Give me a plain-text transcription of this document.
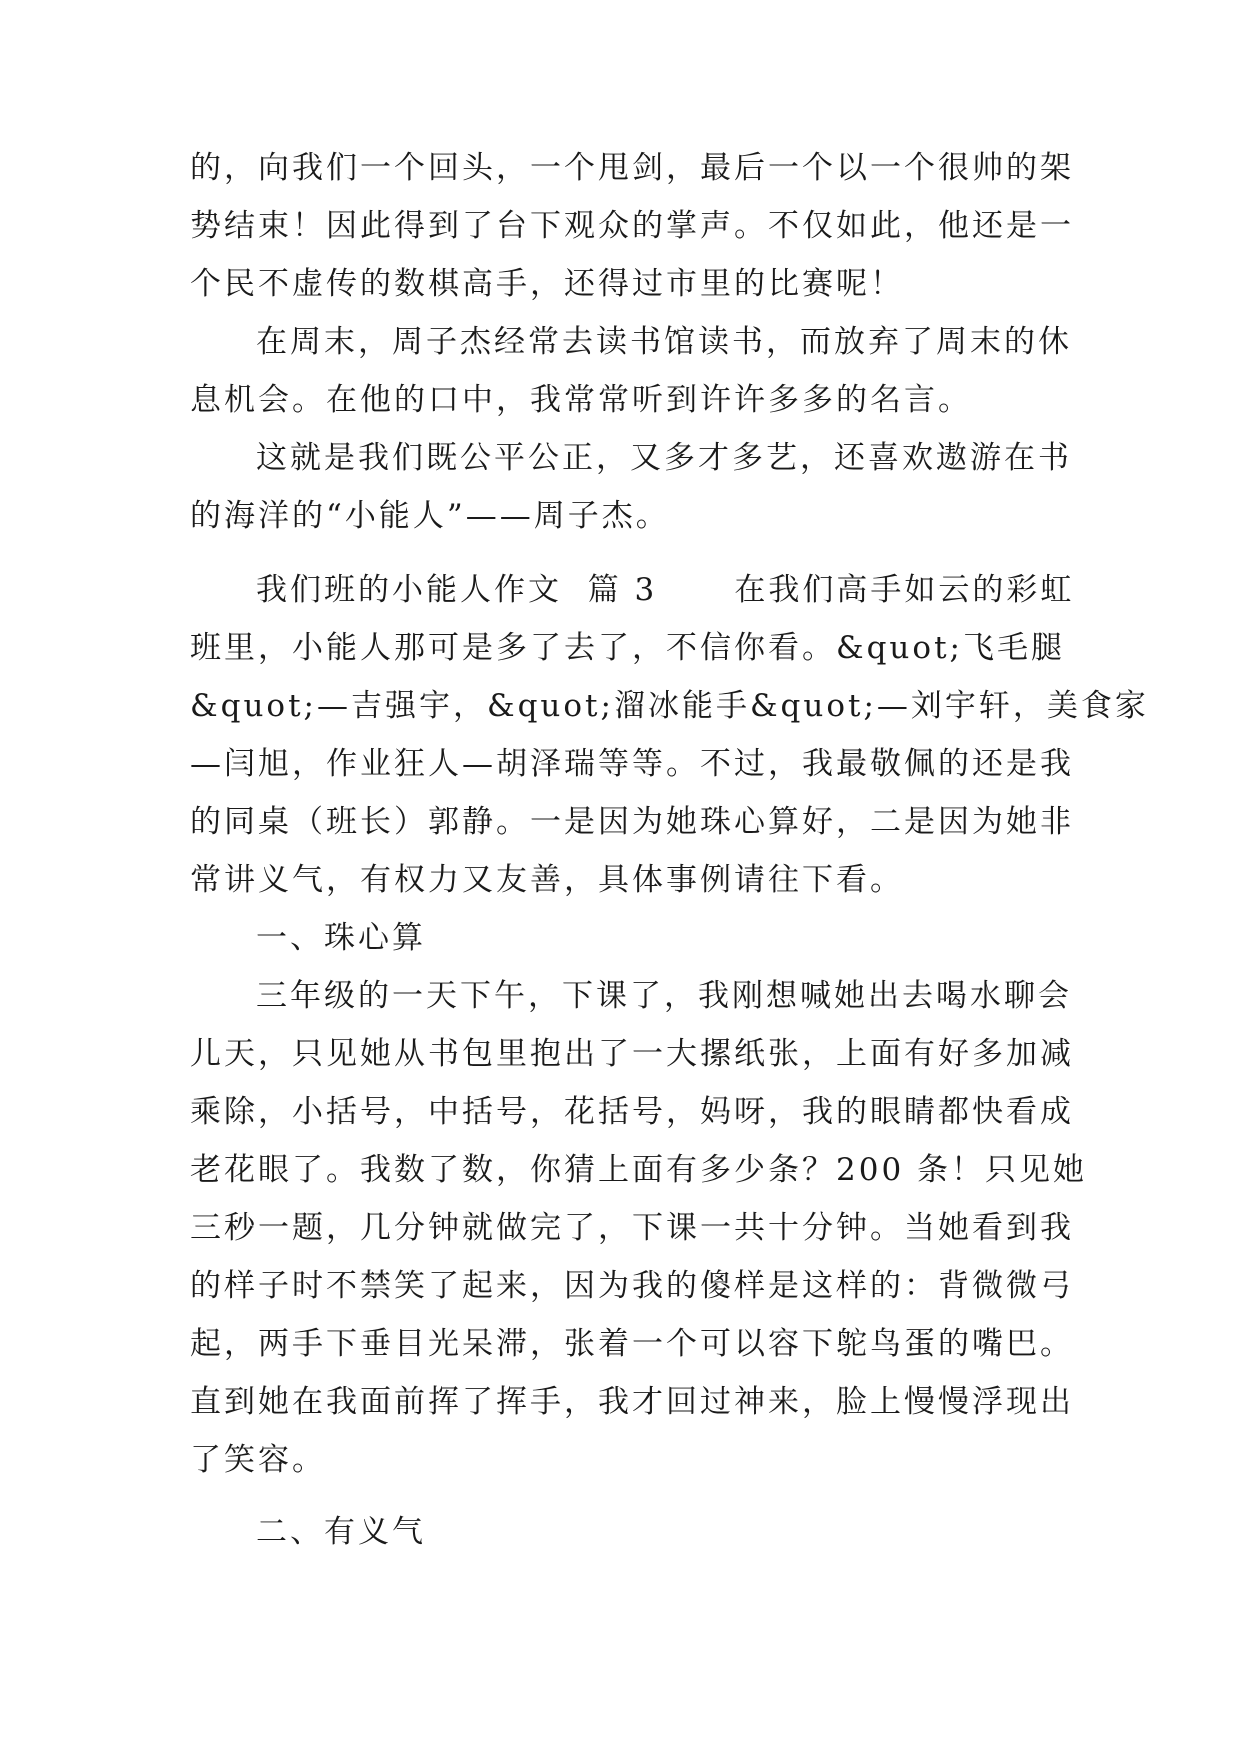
的，向我们一个回头，一个甩剑，最后一个以一个很帅的架
势结束！因此得到了台下观众的掌声。不仅如此，他还是一
个民不虚传的数棋高手，还得过市里的比赛呢！
在周末，周子杰经常去读书馆读书，而放弃了周末的休
息机会。在他的口中，我常常听到许许多多的名言。
这就是我们既公平公正，又多才多艺，还喜欢遨游在书
的海洋的“小能人”——周子杰。
我们班的小能人作文  篇 3      在我们高手如云的彩虹
班里，小能人那可是多了去了，不信你看。&quot;飞毛腿
&quot;—吉强宇，&quot;溜冰能手&quot;—刘宇轩，美食家
—闫旭，作业狂人—胡泽瑞等等。不过，我最敬佩的还是我
的同桌（班长）郭静。一是因为她珠心算好，二是因为她非
常讲义气，有权力又友善，具体事例请往下看。
一、珠心算
三年级的一天下午，下课了，我刚想喊她出去喝水聊会
儿天，只见她从书包里抱出了一大摞纸张，上面有好多加减
乘除，小括号，中括号，花括号，妈呀，我的眼睛都快看成
老花眼了。我数了数，你猜上面有多少条？200 条！只见她
三秒一题，几分钟就做完了，下课一共十分钟。当她看到我
的样子时不禁笑了起来，因为我的傻样是这样的：背微微弓
起，两手下垂目光呆滞，张着一个可以容下鸵鸟蛋的嘴巴。
直到她在我面前挥了挥手，我才回过神来，脸上慢慢浮现出
了笑容。
二、有义气
